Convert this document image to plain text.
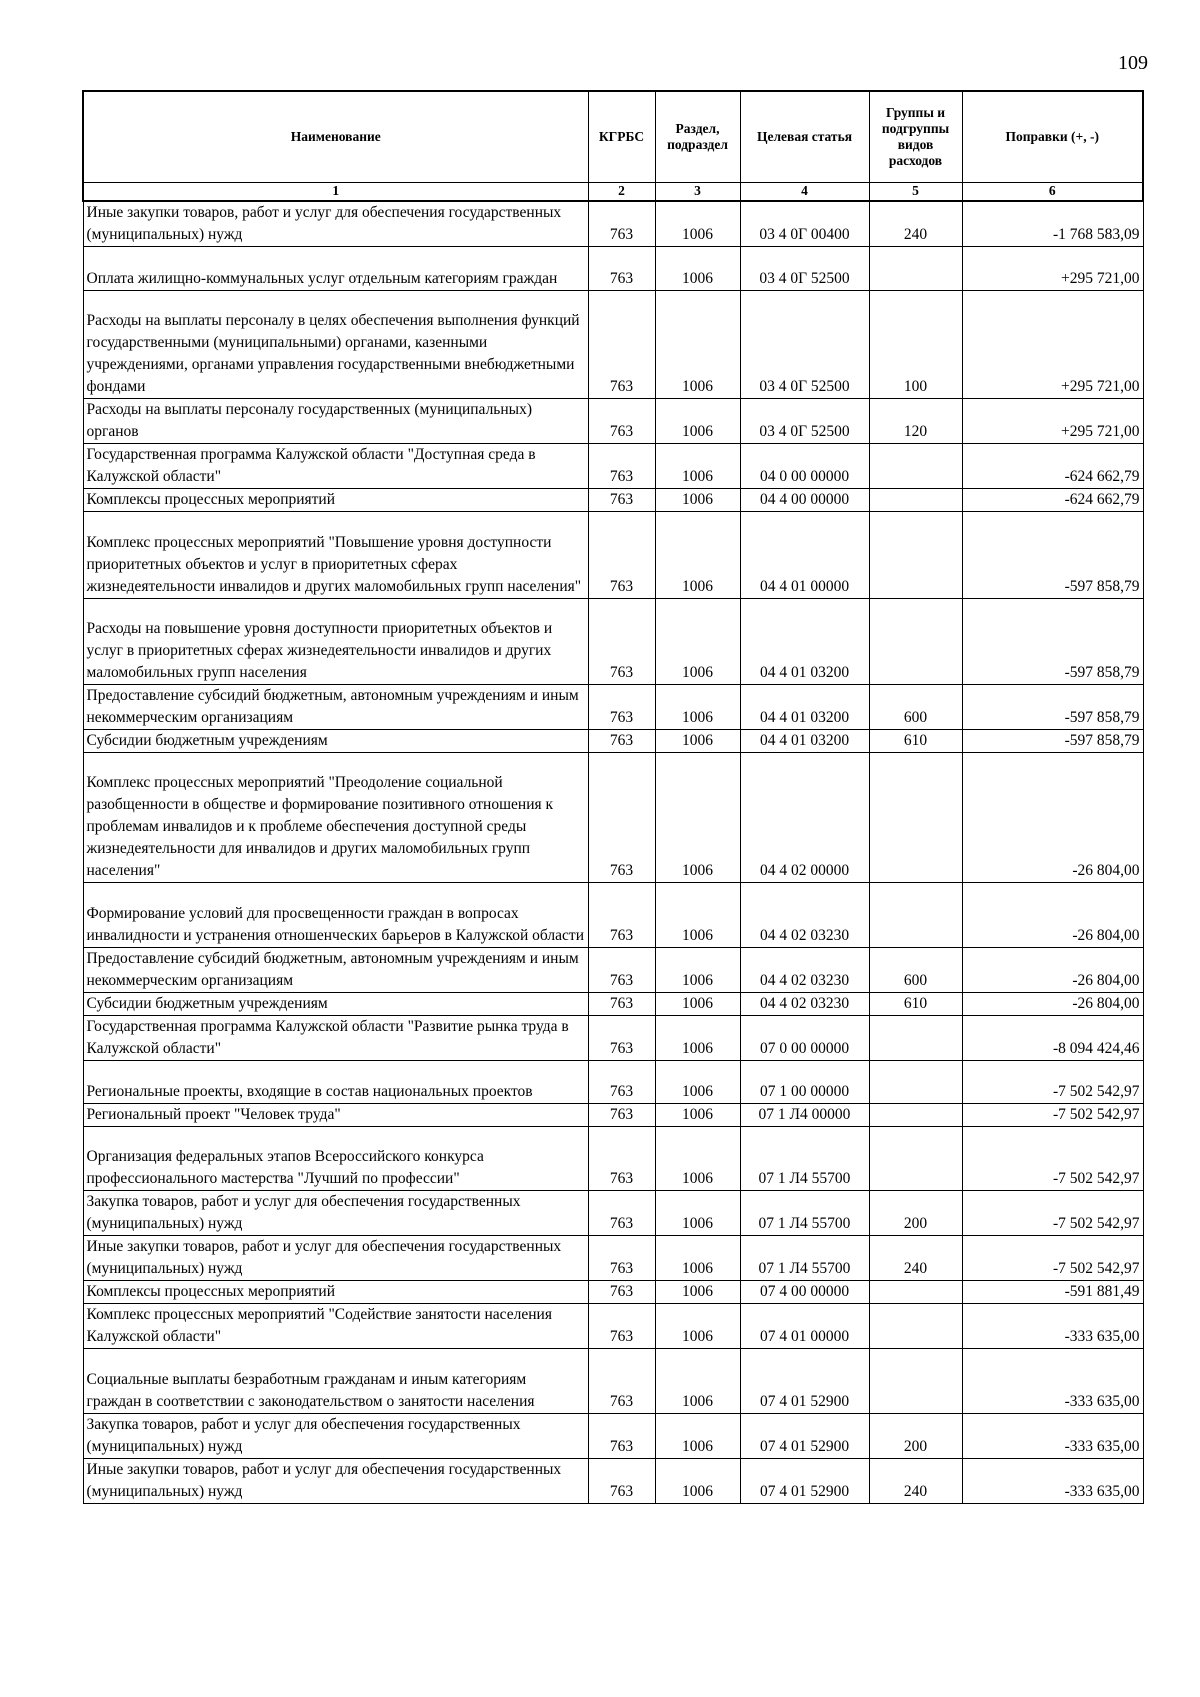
109
Наименование	КГРБС	Раздел, подраздел	Целевая статья	Группы и подгруппы видов расходов	Поправки (+, -)
1	2	3	4	5	6
Иные закупки товаров, работ и услуг для обеспечения государственных (муниципальных) нужд	763	1006	03 4 0Г 00400	240	-1 768 583,09
Оплата жилищно-коммунальных услуг отдельным категориям граждан	763	1006	03 4 0Г 52500		+295 721,00
Расходы на выплаты персоналу в целях обеспечения выполнения функций государственными (муниципальными) органами, казенными учреждениями, органами управления государственными внебюджетными фондами	763	1006	03 4 0Г 52500	100	+295 721,00
Расходы на выплаты персоналу государственных (муниципальных) органов	763	1006	03 4 0Г 52500	120	+295 721,00
Государственная программа Калужской области "Доступная среда в Калужской области"	763	1006	04 0 00 00000		-624 662,79
Комплексы процессных мероприятий	763	1006	04 4 00 00000		-624 662,79
Комплекс процессных мероприятий "Повышение уровня доступности приоритетных объектов и услуг в приоритетных сферах жизнедеятельности инвалидов и других маломобильных групп населения"	763	1006	04 4 01 00000		-597 858,79
Расходы на повышение уровня доступности приоритетных объектов и услуг в приоритетных сферах жизнедеятельности инвалидов и других маломобильных групп населения	763	1006	04 4 01 03200		-597 858,79
Предоставление субсидий бюджетным, автономным учреждениям и иным некоммерческим организациям	763	1006	04 4 01 03200	600	-597 858,79
Субсидии бюджетным учреждениям	763	1006	04 4 01 03200	610	-597 858,79
Комплекс процессных мероприятий "Преодоление социальной разобщенности в обществе и формирование позитивного отношения к проблемам инвалидов и к проблеме обеспечения доступной среды жизнедеятельности для инвалидов и других маломобильных групп населения"	763	1006	04 4 02 00000		-26 804,00
Формирование условий для просвещенности граждан в вопросах инвалидности и устранения отношенческих барьеров в Калужской области	763	1006	04 4 02 03230		-26 804,00
Предоставление субсидий бюджетным, автономным учреждениям и иным некоммерческим организациям	763	1006	04 4 02 03230	600	-26 804,00
Субсидии бюджетным учреждениям	763	1006	04 4 02 03230	610	-26 804,00
Государственная программа Калужской области "Развитие рынка труда в Калужской области"	763	1006	07 0 00 00000		-8 094 424,46
Региональные проекты, входящие в состав национальных проектов	763	1006	07 1 00 00000		-7 502 542,97
Региональный проект "Человек труда"	763	1006	07 1 Л4 00000		-7 502 542,97
Организация федеральных этапов Всероссийского конкурса профессионального мастерства "Лучший по профессии"	763	1006	07 1 Л4 55700		-7 502 542,97
Закупка товаров, работ и услуг для обеспечения государственных (муниципальных) нужд	763	1006	07 1 Л4 55700	200	-7 502 542,97
Иные закупки товаров, работ и услуг для обеспечения государственных (муниципальных) нужд	763	1006	07 1 Л4 55700	240	-7 502 542,97
Комплексы процессных мероприятий	763	1006	07 4 00 00000		-591 881,49
Комплекс процессных мероприятий "Содействие занятости населения Калужской области"	763	1006	07 4 01 00000		-333 635,00
Социальные выплаты безработным гражданам и иным категориям граждан в соответствии с законодательством о занятости населения	763	1006	07 4 01 52900		-333 635,00
Закупка товаров, работ и услуг для обеспечения государственных (муниципальных) нужд	763	1006	07 4 01 52900	200	-333 635,00
Иные закупки товаров, работ и услуг для обеспечения государственных (муниципальных) нужд	763	1006	07 4 01 52900	240	-333 635,00
